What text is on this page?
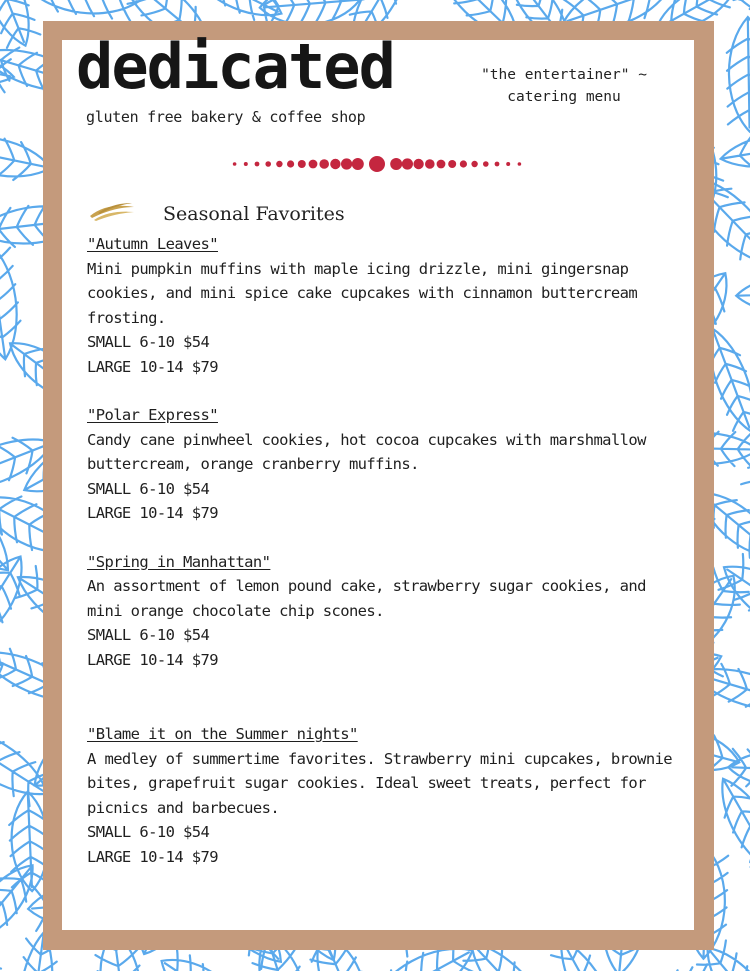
dedicated
gluten free bakery & coffee shop
"the entertainer" ~
catering menu
Seasonal Favorites
"Autumn Leaves"
Mini pumpkin muffins with maple icing drizzle, mini gingersnap cookies, and mini spice cake cupcakes with cinnamon buttercream frosting.
SMALL 6-10 $54
LARGE 10-14 $79
"Polar Express"
Candy cane pinwheel cookies, hot cocoa cupcakes with marshmallow buttercream, orange cranberry muffins.
SMALL 6-10 $54
LARGE 10-14 $79
"Spring in Manhattan"
An assortment of lemon pound cake, strawberry sugar cookies, and mini orange chocolate chip scones.
SMALL 6-10 $54
LARGE 10-14 $79
"Blame it on the Summer nights"
A medley of summertime favorites. Strawberry mini cupcakes, brownie bites, grapefruit sugar cookies. Ideal sweet treats, perfect for picnics and barbecues.
SMALL 6-10 $54
LARGE 10-14 $79
